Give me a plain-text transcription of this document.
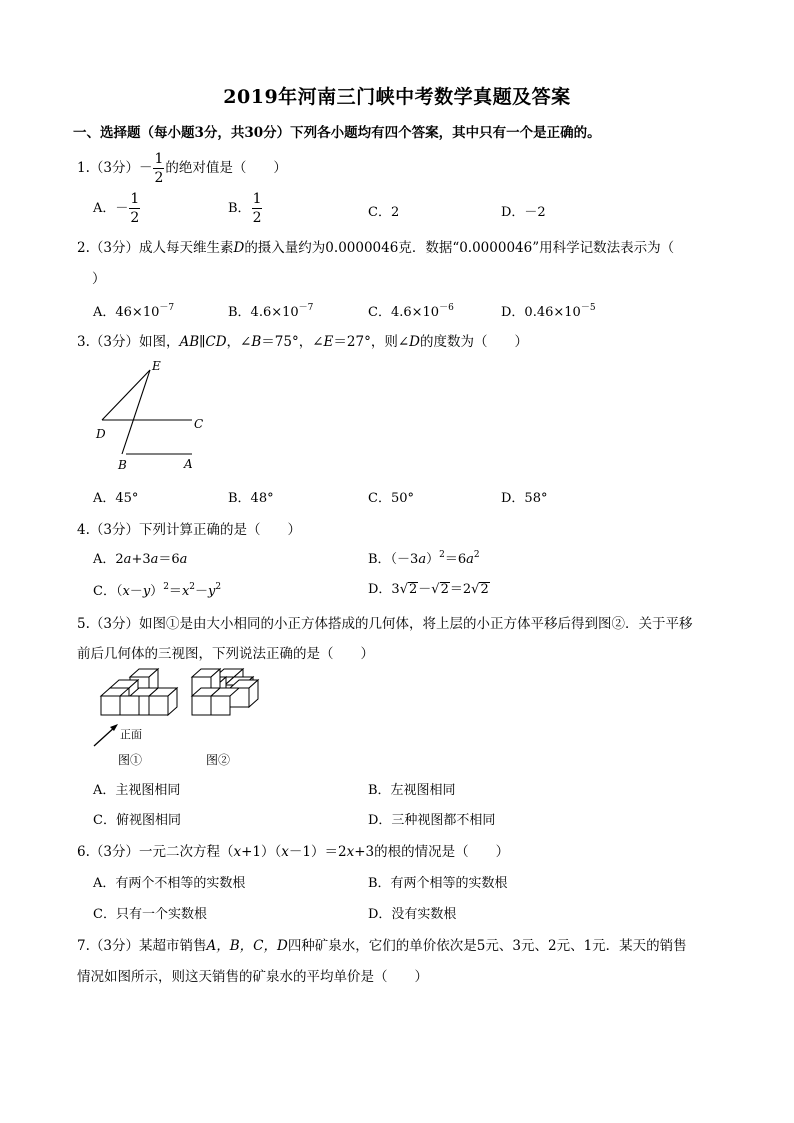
2019年河南三门峡中考数学真题及答案
一、选择题（每小题3分，共30分）下列各小题均有四个答案，其中只有一个是正确的。
1.（3分）－ $\frac{1}{2}$ 的绝对值是（　　）
A．－ $\frac{1}{2}$	B． $\frac{1}{2}$	C．2	D．－2
2.（3分）成人每天维生素D的摄入量约为0.0000046克．数据“0.0000046”用科学记数法表示为（
）
A．$46\times 10^{-7}$	B．$4.6\times 10^{-7}$	C．$4.6\times 10^{-6}$	D．$0.46\times 10^{-5}$
3.（3分）如图，AB∥CD，∠B＝75°，∠E＝27°，则∠D的度数为（　　）
E
D
C
B	A
A．45°	B．48°	C．50°	D．58°
4.（3分）下列计算正确的是（　　）
A．2a+3a＝6a	B．$(-3a)^2=6a^2$
C．$(x-y)^2=x^2-y^2$	D．3√2－√2＝2√2
5.（3分）如图①是由大小相同的小正方体搭成的几何体，将上层的小正方体平移后得到图②．关于平移
前后几何体的三视图，下列说法正确的是（　　）
正面
图①	图②
A．主视图相同	B．左视图相同
C．俯视图相同	D．三种视图都不相同
6.（3分）一元二次方程（x+1）（x－1）＝2x+3的根的情况是（　　）
A．有两个不相等的实数根	B．有两个相等的实数根
C．只有一个实数根	D．没有实数根
7.（3分）某超市销售A，B，C，D四种矿泉水，它们的单价依次是5元、3元、2元、1元．某天的销售
情况如图所示，则这天销售的矿泉水的平均单价是（　　）
